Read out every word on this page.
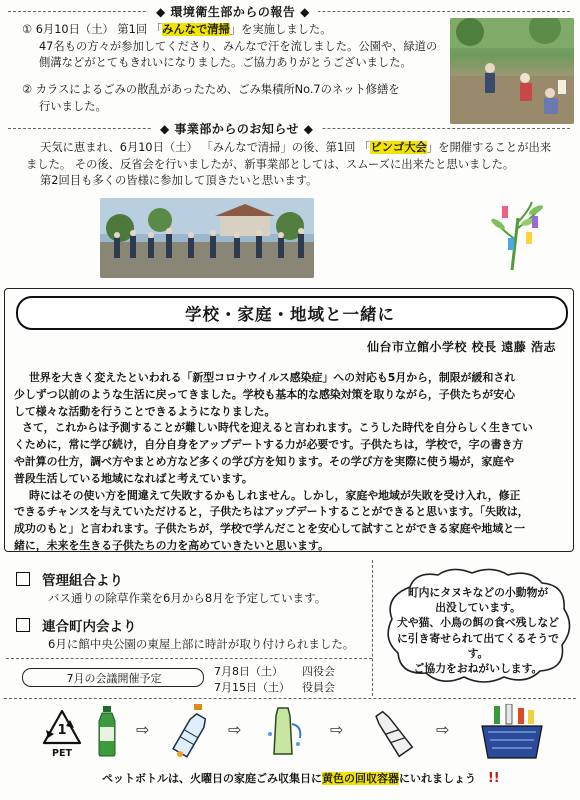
◆ 環境衛生部からの報告 ◆
① 6月10日（土） 第1回 「みんなで清掃」を実施しました。
47名もの方々が参加してくださり、みんなで汗を流しました。公園や、緑道の
側溝などがとてもきれいになりました。ご協力ありがとうございました。
② カラスによるごみの散乱があったため、ごみ集積所No.7のネット修繕を
行いました。
◆ 事業部からのお知らせ ◆
天気に恵まれ、6月10日（土） 「みんなで清掃」の後、第1回 「ビンゴ大会」を開催することが出来
ました。 その後、反省会を行いましたが、新事業部としては、スムーズに出来たと思いました。
第2回目も多くの皆様に参加して頂きたいと思います。
学校・家庭・地域と一緒に
仙台市立館小学校 校長 遠藤 浩志
世界を大きく変えたといわれる「新型コロナウイルス感染症」への対応も5月から，制限が緩和され
少しずつ以前のような生活に戻ってきました。学校も基本的な感染対策を取りながら，子供たちが安心
して様々な活動を行うことできるようになりました。
さて，これからは予測することが難しい時代を迎えると言われます。こうした時代を自分らしく生きてい
くために，常に学び続け，自分自身をアップデートする力が必要です。子供たちは，学校で，字の書き方
や計算の仕方，調べ方やまとめ方など多くの学び方を知ります。その学び方を実際に使う場が，家庭や
普段生活している地域になればと考えています。
時にはその使い方を間違えて失敗するかもしれません。しかし，家庭や地域が失敗を受け入れ，修正
できるチャンスを与えていただけると，子供たちはアップデートすることができると思います。「失敗は，
成功のもと」と言われます。子供たちが，学校で学んだことを安心して試すことができる家庭や地域と一
緒に，未来を生きる子供たちの力を高めていきたいと思います。
管理組合より
バス通りの除草作業を6月から8月を予定しています。
連合町内会より
6月に館中央公園の東屋上部に時計が取り付けられました。
7月の会議開催予定
7月8日（土） 四役会
7月15日（土） 役員会
町内にタヌキなどの小動物が
出没しています。
犬や猫、小鳥の餌の食べ残しなど
に引き寄せられて出てくるそうです。
ご協力をおねがいします。
1
PET
⇨	⇨	⇨	⇨
ペットボトルは、火曜日の家庭ごみ収集日に黄色の回収容器にいれましょう !!
